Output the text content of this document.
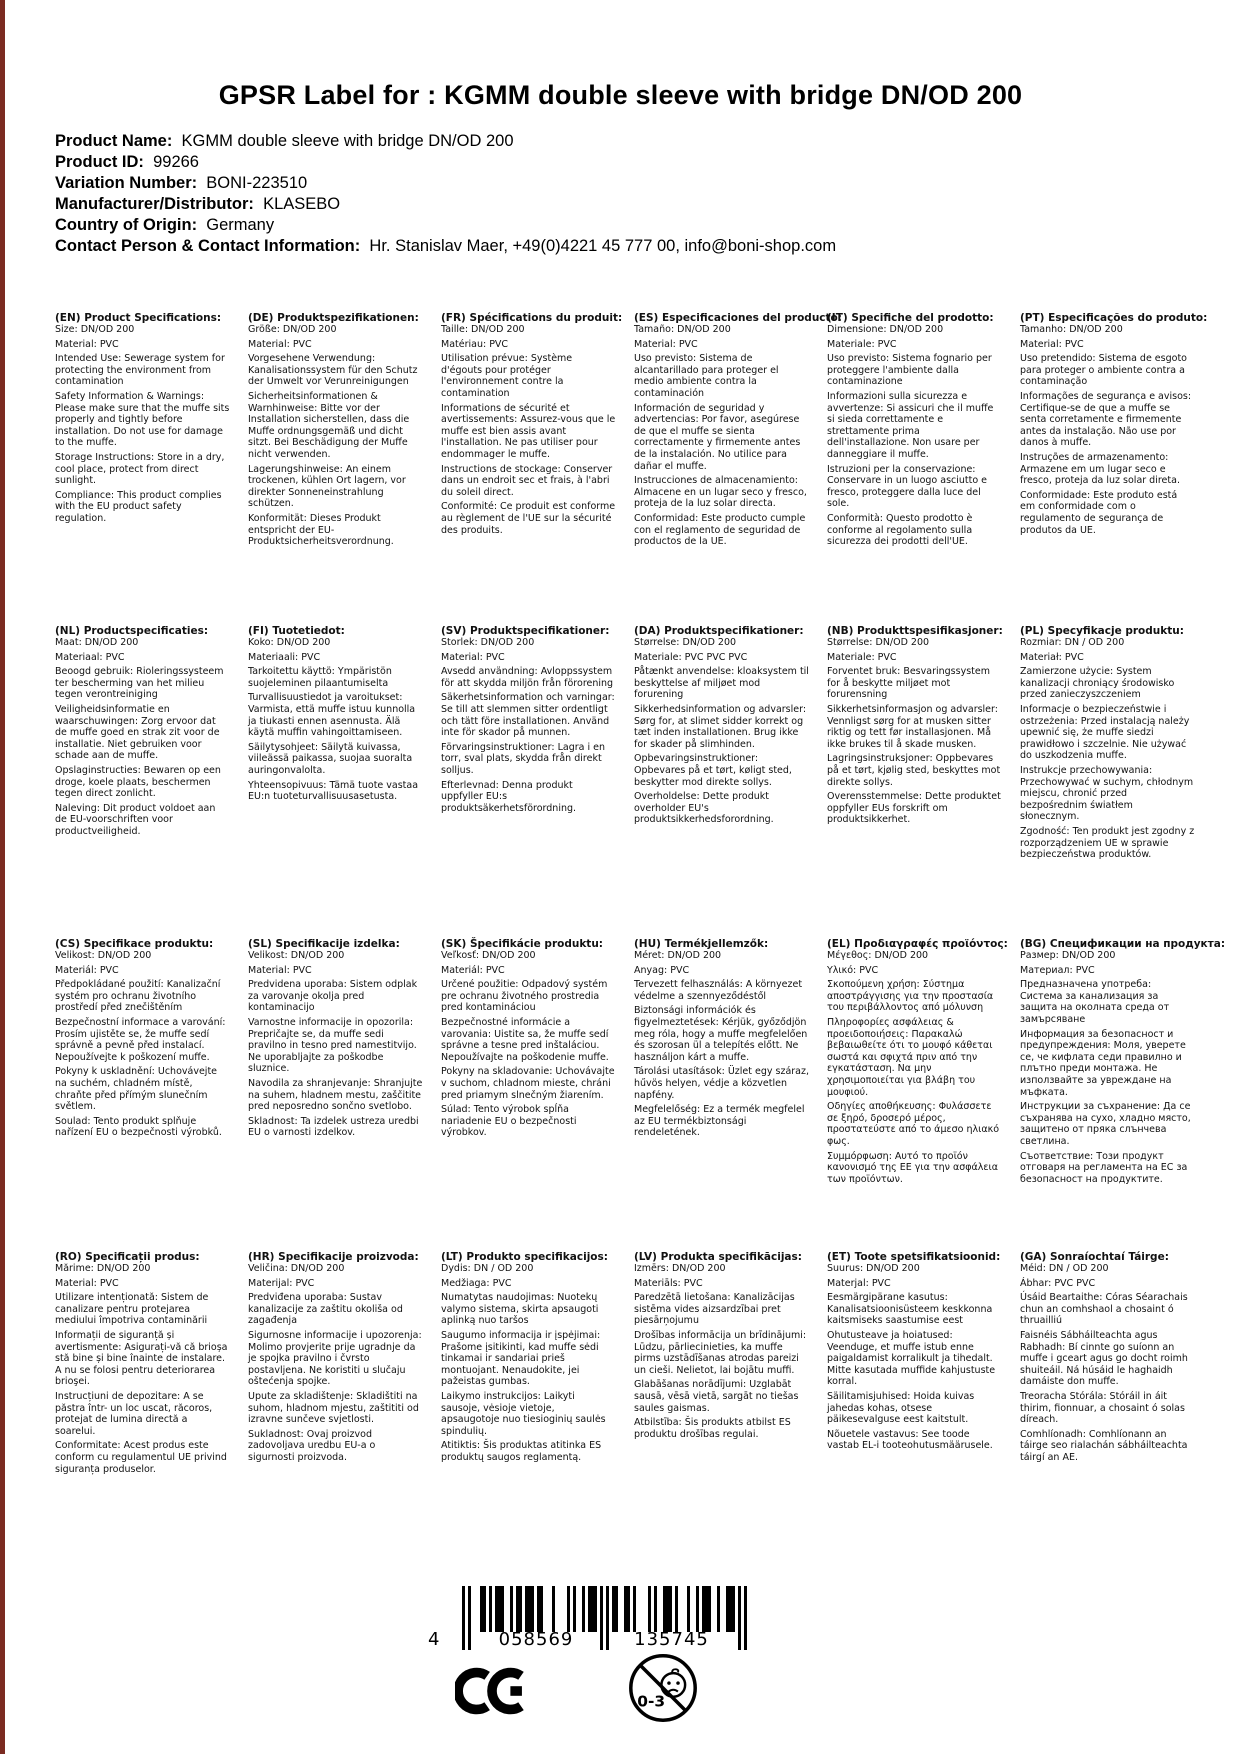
GPSR Label for : KGMM double sleeve with bridge DN/OD 200
Product Name:  KGMM double sleeve with bridge DN/OD 200
Product ID:  99266
Variation Number:  BONI-223510
Manufacturer/Distributor:  KLASEBO
Country of Origin:  Germany
Contact Person & Contact Information:  Hr. Stanislav Maer, +49(0)4221 45 777 00, info@boni-shop.com
(EN) Product Specifications:

Size: DN/OD 200

Material: PVC

Intended Use: Sewerage system for protecting the environment from contamination

Safety Information & Warnings: Please make sure that the muffe sits properly and tightly before installation. Do not use for damage to the muffe.

Storage Instructions: Store in a dry, cool place, protect from direct sunlight.

Compliance: This product complies with the EU product safety regulation.

(DE) Produktspezifikationen:

Größe: DN/OD 200

Material: PVC

Vorgesehene Verwendung: Kanalisationssystem für den Schutz der Umwelt vor Verunreinigungen

Sicherheitsinformationen & Warnhinweise: Bitte vor der Installation sicherstellen, dass die Muffe ordnungsgemäß und dicht sitzt. Bei Beschädigung der Muffe nicht verwenden.

Lagerungshinweise: An einem trockenen, kühlen Ort lagern, vor direkter Sonneneinstrahlung schützen.

Konformität: Dieses Produkt entspricht der EU-Produktsicherheitsverordnung.

(FR) Spécifications du produit:

Taille: DN/OD 200

Matériau: PVC

Utilisation prévue: Système d'égouts pour protéger l'environnement contre la contamination

Informations de sécurité et avertissements: Assurez-vous que le muffe est bien assis avant l'installation. Ne pas utiliser pour endommager le muffe.

Instructions de stockage: Conserver dans un endroit sec et frais, à l'abri du soleil direct.

Conformité: Ce produit est conforme au règlement de l'UE sur la sécurité des produits.

(ES) Especificaciones del producto:

Tamaño: DN/OD 200

Material: PVC

Uso previsto: Sistema de alcantarillado para proteger el medio ambiente contra la contaminación

Información de seguridad y advertencias: Por favor, asegúrese de que el muffe se sienta correctamente y firmemente antes de la instalación. No utilice para dañar el muffe.

Instrucciones de almacenamiento: Almacene en un lugar seco y fresco, proteja de la luz solar directa.

Conformidad: Este producto cumple con el reglamento de seguridad de productos de la UE.

(IT) Specifiche del prodotto:

Dimensione: DN/OD 200

Materiale: PVC

Uso previsto: Sistema fognario per proteggere l'ambiente dalla contaminazione

Informazioni sulla sicurezza e avvertenze: Si assicuri che il muffe si sieda correttamente e strettamente prima dell'installazione. Non usare per danneggiare il muffe.

Istruzioni per la conservazione: Conservare in un luogo asciutto e fresco, proteggere dalla luce del sole.

Conformità: Questo prodotto è conforme al regolamento sulla sicurezza dei prodotti dell'UE.

(PT) Especificações do produto:

Tamanho: DN/OD 200

Material: PVC

Uso pretendido: Sistema de esgoto para proteger o ambiente contra a contaminação

Informações de segurança e avisos: Certifique-se de que a muffe se senta corretamente e firmemente antes da instalação. Não use por danos à muffe.

Instruções de armazenamento: Armazene em um lugar seco e fresco, proteja da luz solar direta.

Conformidade: Este produto está em conformidade com o regulamento de segurança de produtos da UE.

(NL) Productspecificaties:

Maat: DN/OD 200

Materiaal: PVC

Beoogd gebruik: Rioleringssysteem ter bescherming van het milieu tegen verontreiniging

Veiligheidsinformatie en waarschuwingen: Zorg ervoor dat de muffe goed en strak zit voor de installatie. Niet gebruiken voor schade aan de muffe.

Opslaginstructies: Bewaren op een droge, koele plaats, beschermen tegen direct zonlicht.

Naleving: Dit product voldoet aan de EU-voorschriften voor productveiligheid.

(FI) Tuotetiedot:

Koko: DN/OD 200

Materiaali: PVC

Tarkoitettu käyttö: Ympäristön suojeleminen pilaantumiselta

Turvallisuustiedot ja varoitukset: Varmista, että muffe istuu kunnolla ja tiukasti ennen asennusta. Älä käytä muffin vahingoittamiseen.

Säilytysohjeet: Säilytä kuivassa, viileässä paikassa, suojaa suoralta auringonvalolta.

Yhteensopivuus: Tämä tuote vastaa EU:n tuoteturvallisuusasetusta.

(SV) Produktspecifikationer:

Storlek: DN/OD 200

Material: PVC

Avsedd användning: Avloppssystem för att skydda miljön från förorening

Säkerhetsinformation och varningar: Se till att slemmen sitter ordentligt och tätt före installationen. Använd inte för skador på munnen.

Förvaringsinstruktioner: Lagra i en torr, sval plats, skydda från direkt solljus.

Efterlevnad: Denna produkt uppfyller EU:s produktsäkerhetsförordning.

(DA) Produktspecifikationer:

Størrelse: DN/OD 200

Materiale: PVC PVC PVC

Påtænkt anvendelse: kloaksystem til beskyttelse af miljøet mod forurening

Sikkerhedsinformation og advarsler: Sørg for, at slimet sidder korrekt og tæt inden installationen. Brug ikke for skader på slimhinden.

Opbevaringsinstruktioner: Opbevares på et tørt, køligt sted, beskytter mod direkte sollys.

Overholdelse: Dette produkt overholder EU's produktsikkerhedsforordning.

(NB) Produkttspesifikasjoner:

Størrelse: DN/OD 200

Materiale: PVC

Forventet bruk: Besvaringssystem for å beskytte miljøet mot forurensning

Sikkerhetsinformasjon og advarsler: Vennligst sørg for at musken sitter riktig og tett før installasjonen. Må ikke brukes til å skade musken.

Lagringsinstruksjoner: Oppbevares på et tørt, kjølig sted, beskyttes mot direkte sollys.

Overensstemmelse: Dette produktet oppfyller EUs forskrift om produktsikkerhet.

(PL) Specyfikacje produktu:

Rozmiar: DN / OD 200

Materiał: PVC

Zamierzone użycie: System kanalizacji chroniący środowisko przed zanieczyszczeniem

Informacje o bezpieczeństwie i ostrzeżenia: Przed instalacją należy upewnić się, że muffe siedzi prawidłowo i szczelnie. Nie używać do uszkodzenia muffe.

Instrukcje przechowywania: Przechowywać w suchym, chłodnym miejscu, chronić przed bezpośrednim światłem słonecznym.

Zgodność: Ten produkt jest zgodny z rozporządzeniem UE w sprawie bezpieczeństwa produktów.

(CS) Specifikace produktu:

Velikost: DN/OD 200

Materiál: PVC

Předpokládané použití: Kanalizační systém pro ochranu životního prostředí před znečištěním

Bezpečnostní informace a varování: Prosím ujistěte se, že muffe sedí správně a pevně před instalací. Nepoužívejte k poškození muffe.

Pokyny k uskladnění: Uchovávejte na suchém, chladném místě, chraňte před přímým slunečním světlem.

Soulad: Tento produkt splňuje nařízení EU o bezpečnosti výrobků.

(SL) Specifikacije izdelka:

Velikost: DN/OD 200

Material: PVC

Predvidena uporaba: Sistem odplak za varovanje okolja pred kontaminacijo

Varnostne informacije in opozorila: Prepričajte se, da muffe sedi pravilno in tesno pred namestitvijo. Ne uporabljajte za poškodbe sluznice.

Navodila za shranjevanje: Shranjujte na suhem, hladnem mestu, zaščitite pred neposredno sončno svetlobo.

Skladnost: Ta izdelek ustreza uredbi EU o varnosti izdelkov.

(SK) Špecifikácie produktu:

Veľkosť: DN/OD 200

Materiál: PVC

Určené použitie: Odpadový systém pre ochranu životného prostredia pred kontamináciou

Bezpečnostné informácie a varovania: Uistite sa, že muffe sedí správne a tesne pred inštaláciou. Nepoužívajte na poškodenie muffe.

Pokyny na skladovanie: Uchovávajte v suchom, chladnom mieste, chráni pred priamym slnečným žiarením.

Súlad: Tento výrobok spĺňa nariadenie EU o bezpečnosti výrobkov.

(HU) Termékjellemzők:

Méret: DN/OD 200

Anyag: PVC

Tervezett felhasználás: A környezet védelme a szennyeződéstől

Biztonsági információk és figyelmeztetések: Kérjük, győződjön meg róla, hogy a muffe megfelelően és szorosan ül a telepítés előtt. Ne használjon kárt a muffe.

Tárolási utasítások: Üzlet egy száraz, hűvös helyen, védje a közvetlen napfény.

Megfelelőség: Ez a termék megfelel az EU termékbiztonsági rendeletének.

(EL) Προδιαγραφές προϊόντος:

Μέγεθος: DN/OD 200

Υλικό: PVC

Σκοπούμενη χρήση: Σύστημα αποστράγγισης για την προστασία του περιβάλλοντος από μόλυνση

Πληροφορίες ασφάλειας & προειδοποιήσεις: Παρακαλώ βεβαιωθείτε ότι το μουφό κάθεται σωστά και σφιχτά πριν από την εγκατάσταση. Να μην χρησιμοποιείται για βλάβη του μουφιού.

Οδηγίες αποθήκευσης: Φυλάσσετε σε ξηρό, δροσερό μέρος, προστατεύστε από το άμεσο ηλιακό φως.

Συμμόρφωση: Αυτό το προϊόν κανονισμό της ΕΕ για την ασφάλεια των προϊόντων.

(BG) Спецификации на продукта:

Размер: DN/OD 200

Материал: PVC

Предназначена употреба: Система за канализация за защита на околната среда от замърсяване

Информация за безопасност и предупреждения: Моля, уверете се, че кифлата седи правилно и плътно преди монтажа. Не използвайте за увреждане на мъфката.

Инструкции за съхранение: Да се съхранява на сухо, хладно място, защитено от пряка слънчева светлина.

Съответствие: Този продукт отговаря на регламента на ЕС за безопасност на продуктите.

(RO) Specificații produs:

Mărime: DN/OD 200

Material: PVC

Utilizare intenționată: Sistem de canalizare pentru protejarea mediului împotriva contaminării

Informații de siguranță și avertismente: Asigurați-vă că brioșa stă bine și bine înainte de instalare. A nu se folosi pentru deteriorarea brioşei.

Instrucțiuni de depozitare: A se păstra într- un loc uscat, răcoros, protejat de lumina directă a soarelui.

Conformitate: Acest produs este conform cu regulamentul UE privind siguranța produselor.

(HR) Specifikacije proizvoda:

Veličina: DN/OD 200

Materijal: PVC

Predviđena uporaba: Sustav kanalizacije za zaštitu okoliša od zagađenja

Sigurnosne informacije i upozorenja: Molimo provjerite prije ugradnje da je spojka pravilno i čvrsto postavljena. Ne koristiti u slučaju oštećenja spojke.

Upute za skladištenje: Skladištiti na suhom, hladnom mjestu, zaštititi od izravne sunčeve svjetlosti.

Sukladnost: Ovaj proizvod zadovoljava uredbu EU-a o sigurnosti proizvoda.

(LT) Produkto specifikacijos:

Dydis: DN / OD 200

Medžiaga: PVC

Numatytas naudojimas: Nuotekų valymo sistema, skirta apsaugoti aplinką nuo taršos

Saugumo informacija ir įspėjimai: Prašome įsitikinti, kad muffe sėdi tinkamai ir sandariai prieš montuojant. Nenaudokite, jei pažeistas gumbas.

Laikymo instrukcijos: Laikyti sausoje, vėsioje vietoje, apsaugotoje nuo tiesioginių saulės spindulių.

Atitiktis: Šis produktas atitinka ES produktų saugos reglamentą.

(LV) Produkta specifikācijas:

Izmērs: DN/OD 200

Materiāls: PVC

Paredzētā lietošana: Kanalizācijas sistēma vides aizsardzībai pret piesārņojumu

Drošības informācija un brīdinājumi: Lūdzu, pārliecinieties, ka muffe pirms uzstādīšanas atrodas pareizi un cieši. Nelietot, lai bojātu muffi.

Glabāšanas norādījumi: Uzglabāt sausā, vēsā vietā, sargāt no tiešas saules gaismas.

Atbilstība: Šis produkts atbilst ES produktu drošības regulai.

(ET) Toote spetsifikatsioonid:

Suurus: DN/OD 200

Materjal: PVC

Eesmärgipärane kasutus: Kanalisatsioonisüsteem keskkonna kaitsmiseks saastumise eest

Ohutusteave ja hoiatused: Veenduge, et muffe istub enne paigaldamist korralikult ja tihedalt. Mitte kasutada muffide kahjustuste korral.

Säilitamisjuhised: Hoida kuivas jahedas kohas, otsese päikesevalguse eest kaitstult.

Nõuetele vastavus: See toode vastab EL-i tooteohutusmäärusele.

(GA) Sonraíochtaí Táirge:

Méid: DN / OD 200

Ábhar: PVC PVC

Úsáid Beartaithe: Córas Séarachais chun an comhshaol a chosaint ó thruailliú

Faisnéis Sábháilteachta agus Rabhadh: Bí cinnte go suíonn an muffe i gceart agus go docht roimh shuiteáil. Ná húsáid le haghaidh damáiste don muffe.

Treoracha Stórála: Stóráil in áit thirim, fionnuar, a chosaint ó solas díreach.

Comhlíonadh: Comhlíonann an táirge seo rialachán sábháilteachta táirgí an AE.

4	058569	135745
0-3
